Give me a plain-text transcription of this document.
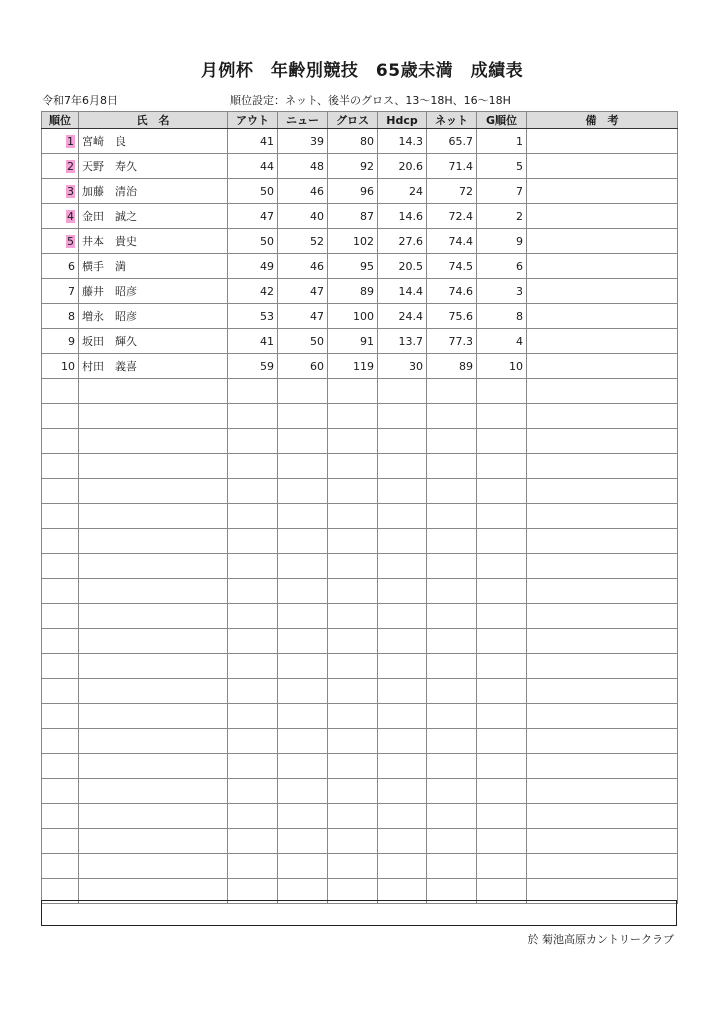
月例杯　年齢別競技　65歳未満　成績表
令和7年6月8日	順位設定：ネット、後半のグロス、13～18H、16～18H
順位	氏　名	アウト	ニュー	グロス	Hdcp	ネット	G順位	備　考
1	宮崎　良	41	39	80	14.3	65.7	1	
2	天野　寿久	44	48	92	20.6	71.4	5	
3	加藤　清治	50	46	96	24	72	7	
4	金田　誠之	47	40	87	14.6	72.4	2	
5	井本　貴史	50	52	102	27.6	74.4	9	
6	横手　満	49	46	95	20.5	74.5	6	
7	藤井　昭彦	42	47	89	14.4	74.6	3	
8	増永　昭彦	53	47	100	24.4	75.6	8	
9	坂田　輝久	41	50	91	13.7	77.3	4	
10	村田　義喜	59	60	119	30	89	10	

於 菊池高原カントリークラブ
